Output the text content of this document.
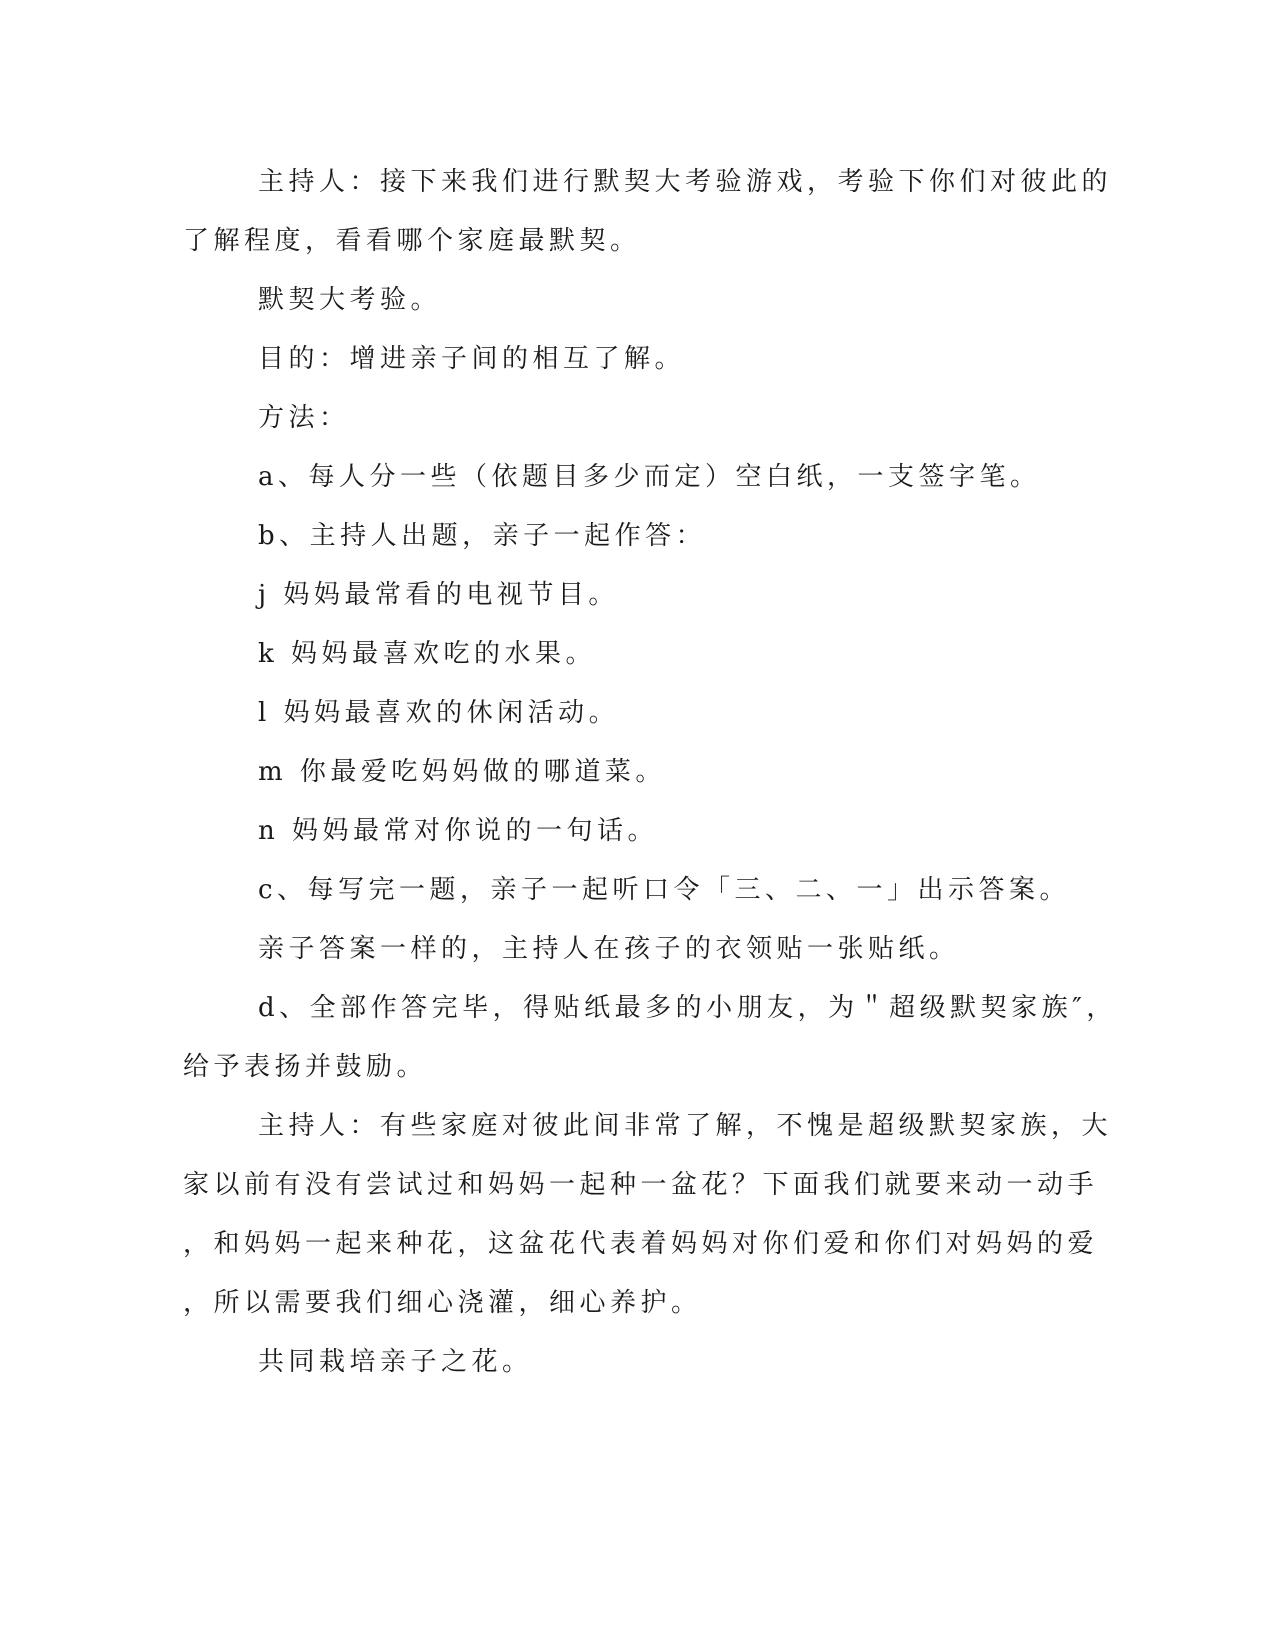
主持人：接下来我们进行默契大考验游戏，考验下你们对彼此的

了解程度，看看哪个家庭最默契。

默契大考验。

目的：增进亲子间的相互了解。

方法：

a、每人分一些（依题目多少而定）空白纸，一支签字笔。

b、主持人出题，亲子一起作答：

j 妈妈最常看的电视节目。

k 妈妈最喜欢吃的水果。

l 妈妈最喜欢的休闲活动。

m 你最爱吃妈妈做的哪道菜。

n 妈妈最常对你说的一句话。

c、每写完一题，亲子一起听口令「三、二、一」出示答案。

亲子答案一样的，主持人在孩子的衣领贴一张贴纸。

d、全部作答完毕，得贴纸最多的小朋友，为＂超级默契家族″，

给予表扬并鼓励。

主持人：有些家庭对彼此间非常了解，不愧是超级默契家族，大

家以前有没有尝试过和妈妈一起种一盆花？下面我们就要来动一动手

，和妈妈一起来种花，这盆花代表着妈妈对你们爱和你们对妈妈的爱

，所以需要我们细心浇灌，细心养护。

共同栽培亲子之花。
